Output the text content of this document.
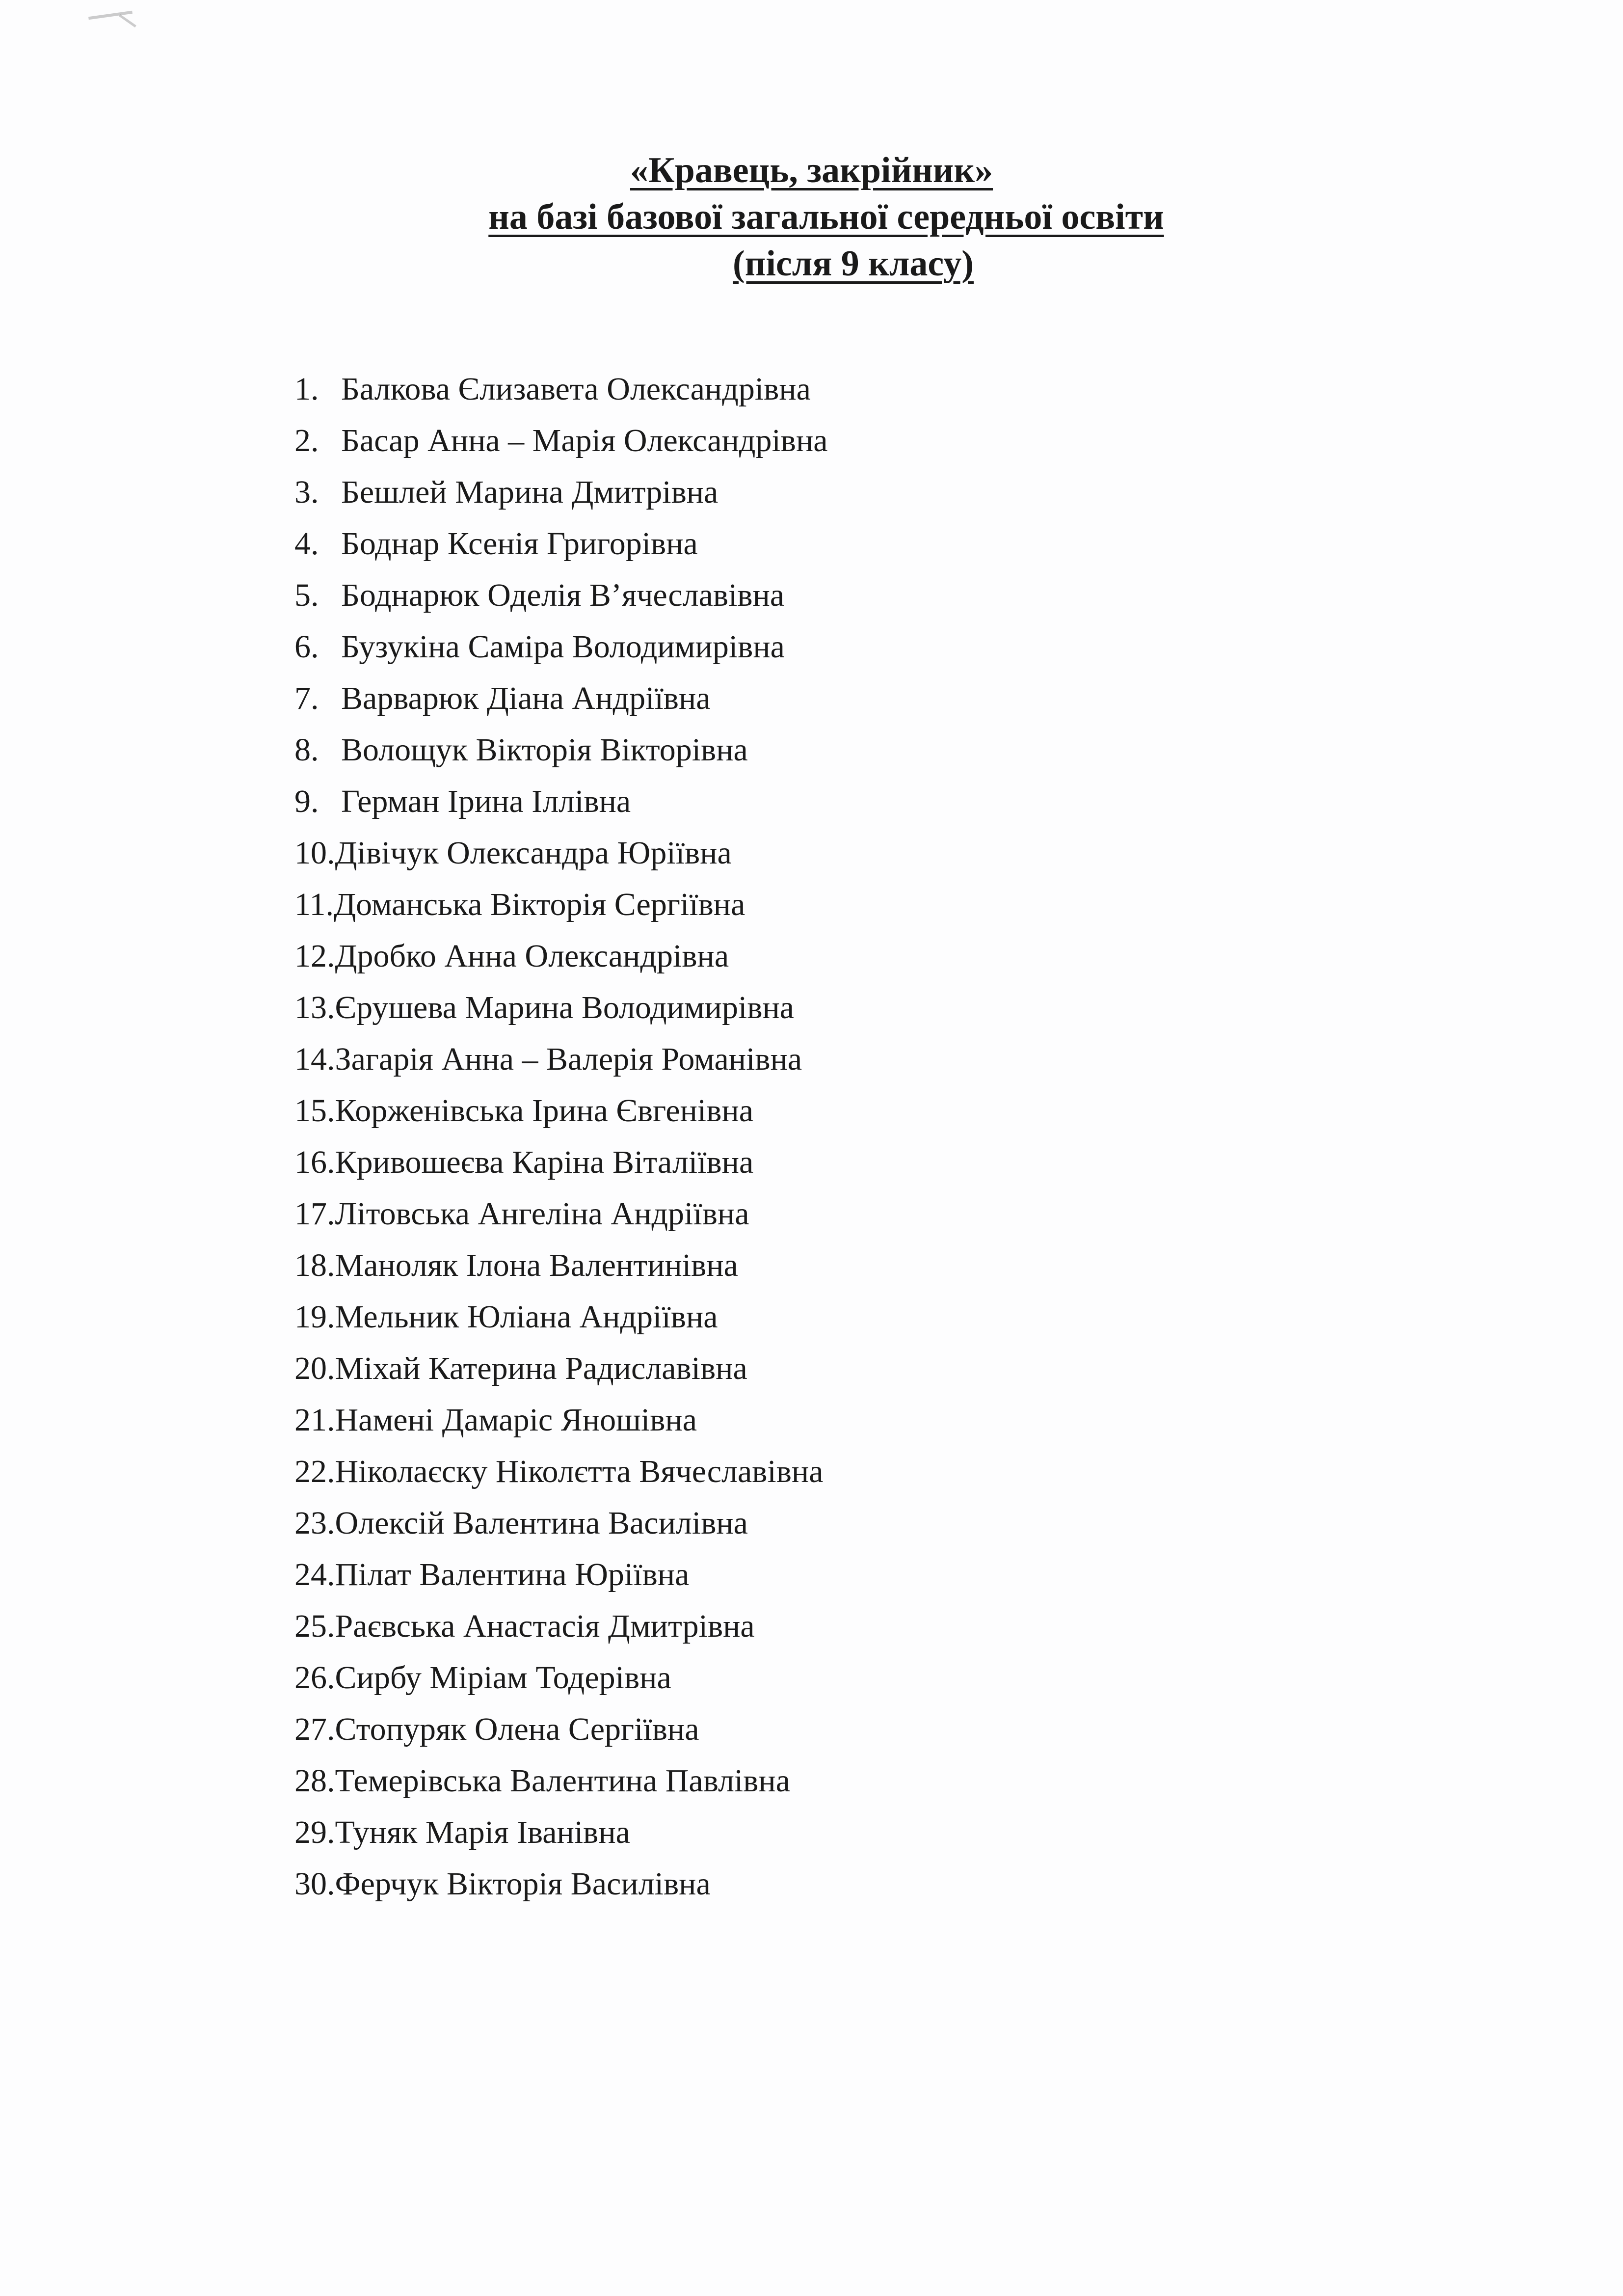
«Кравець, закрійник»
на базі базової загальної середньої освіти
(після 9 класу)
1. Балкова Єлизавета Олександрівна
2. Басар Анна – Марія Олександрівна
3. Бешлей Марина Дмитрівна
4. Боднар Ксенія Григорівна
5. Боднарюк Оделія В’ячеславівна
6. Бузукіна Саміра Володимирівна
7. Варварюк Діана Андріївна
8. Волощук Вікторія Вікторівна
9. Герман Ірина Іллівна
10. Дівічук Олександра Юріївна
11. Доманська Вікторія Сергіївна
12. Дробко Анна Олександрівна
13. Єрушева Марина Володимирівна
14. Загарія Анна – Валерія Романівна
15. Корженівська Ірина Євгенівна
16. Кривошеєва Каріна Віталіївна
17. Літовська Ангеліна Андріївна
18. Маноляк Ілона Валентинівна
19. Мельник Юліана Андріївна
20. Міхай Катерина Радиславівна
21. Намені Дамаріс Яношівна
22. Ніколаєску Ніколєтта Вячеславівна
23. Олексій Валентина Василівна
24. Пілат Валентина Юріївна
25. Раєвська Анастасія Дмитрівна
26. Сирбу Міріам Тодерівна
27. Стопуряк Олена Сергіївна
28. Темерівська Валентина Павлівна
29. Туняк Марія Іванівна
30. Ферчук Вікторія Василівна
